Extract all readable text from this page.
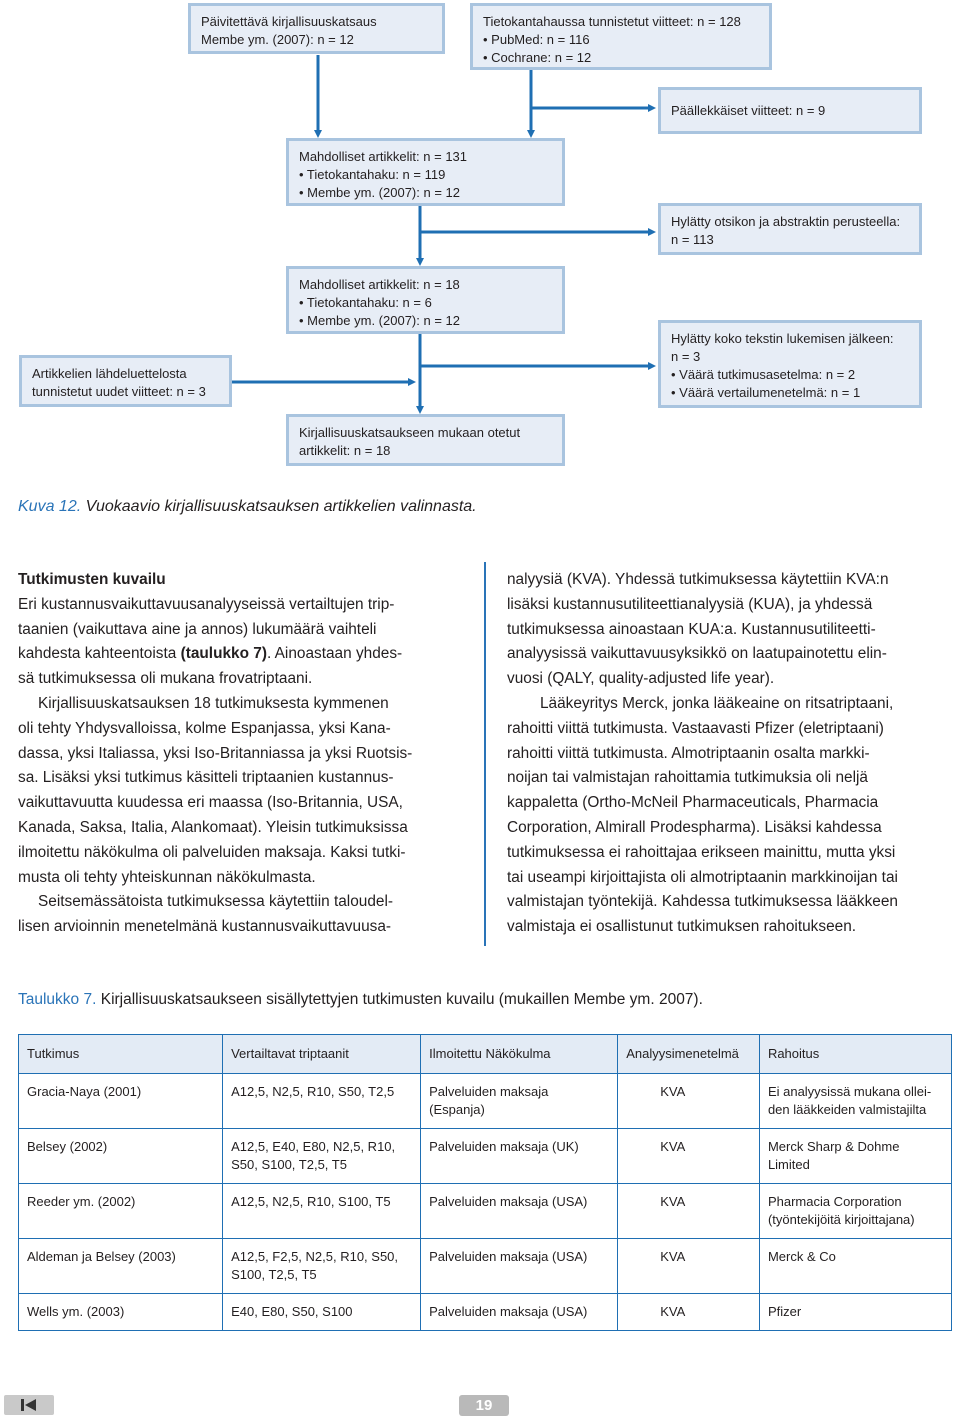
Päivitettävä kirjallisuuskatsaus
Membe ym. (2007): n = 12
Tietokantahaussa tunnistetut viitteet: n = 128
• PubMed: n = 116
• Cochrane: n = 12
Päällekkäiset viitteet: n = 9
Mahdolliset artikkelit: n = 131
• Tietokantahaku: n = 119
• Membe ym. (2007): n = 12
Hylätty otsikon ja abstraktin perusteella:
n = 113
Mahdolliset artikkelit: n = 18
• Tietokantahaku: n = 6
• Membe ym. (2007): n = 12
Artikkelien lähdeluettelosta
tunnistetut uudet viitteet: n = 3
Hylätty koko tekstin lukemisen jälkeen:
n = 3
• Väärä tutkimusasetelma: n = 2
• Väärä vertailumenetelmä: n = 1
Kirjallisuuskatsaukseen mukaan otetut
artikkelit: n = 18
Kuva 12. Vuokaavio kirjallisuuskatsauksen artikkelien valinnasta.

Tutkimusten kuvailu

Eri kustannusvaikuttavuusanalyyseissä vertailtujen trip-
taanien (vaikuttava aine ja annos) lukumäärä vaihteli
kahdesta kahteentoista (taulukko 7). Ainoastaan yhdes-
sä tutkimuksessa oli mukana frovatriptaani.

Kirjallisuuskatsauksen 18 tutkimuksesta kymmenen
oli tehty Yhdysvalloissa, kolme Espanjassa, yksi Kana-
dassa, yksi Italiassa, yksi Iso-Britanniassa ja yksi Ruotsis-
sa. Lisäksi yksi tutkimus käsitteli triptaanien kustannus-
vaikuttavuutta kuudessa eri maassa (Iso-Britannia, USA,
Kanada, Saksa, Italia, Alankomaat). Yleisin tutkimuksissa
ilmoitettu näkökulma oli palveluiden maksaja. Kaksi tutki-
musta oli tehty yhteiskunnan näkökulmasta.

Seitsemässätoista tutkimuksessa käytettiin taloudel-
lisen arvioinnin menetelmänä kustannusvaikuttavuusa-

nalyysiä (KVA). Yhdessä tutkimuksessa käytettiin KVA:n
lisäksi kustannusutiliteettianalyysiä (KUA), ja yhdessä
tutkimuksessa ainoastaan KUA:a. Kustannusutiliteetti-
analyysissä vaikuttavuusyksikkö on laatupainotettu elin-
vuosi (QALY, quality-adjusted life year).

Lääkeyritys Merck, jonka lääkeaine on ritsatriptaani,
rahoitti viittä tutkimusta. Vastaavasti Pfizer (eletriptaani)
rahoitti viittä tutkimusta. Almotriptaanin osalta markki-
noijan tai valmistajan rahoittamia tutkimuksia oli neljä
kappaletta (Ortho-McNeil Pharmaceuticals, Pharmacia
Corporation, Almirall Prodespharma). Lisäksi kahdessa
tutkimuksessa ei rahoittajaa erikseen mainittu, mutta yksi
tai useampi kirjoittajista oli almotriptaanin markkinoijan tai
valmistajan työntekijä. Kahdessa tutkimuksessa lääkkeen
valmistaja ei osallistunut tutkimuksen rahoitukseen.

Taulukko 7. Kirjallisuuskatsaukseen sisällytettyjen tutkimusten kuvailu (mukaillen Membe ym. 2007).
Tutkimus	Vertailtavat triptaanit	Ilmoitettu Näkökulma	Analyysimenetelmä	Rahoitus
Gracia-Naya (2001)	A12,5, N2,5, R10, S50, T2,5	Palveluiden maksaja
(Espanja)	KVA	Ei analyysissä mukana ollei-
den lääkkeiden valmistajilta
Belsey (2002)	A12,5, E40, E80, N2,5, R10,
S50, S100, T2,5, T5	Palveluiden maksaja (UK)	KVA	Merck Sharp & Dohme
Limited
Reeder ym. (2002)	A12,5, N2,5, R10, S100, T5	Palveluiden maksaja (USA)	KVA	Pharmacia Corporation
(työntekijöitä kirjoittajana)
Aldeman ja Belsey (2003)	A12,5, F2,5, N2,5, R10, S50,
S100, T2,5, T5	Palveluiden maksaja (USA)	KVA	Merck & Co
Wells ym. (2003)	E40, E80, S50, S100	Palveluiden maksaja (USA)	KVA	Pfizer
19
